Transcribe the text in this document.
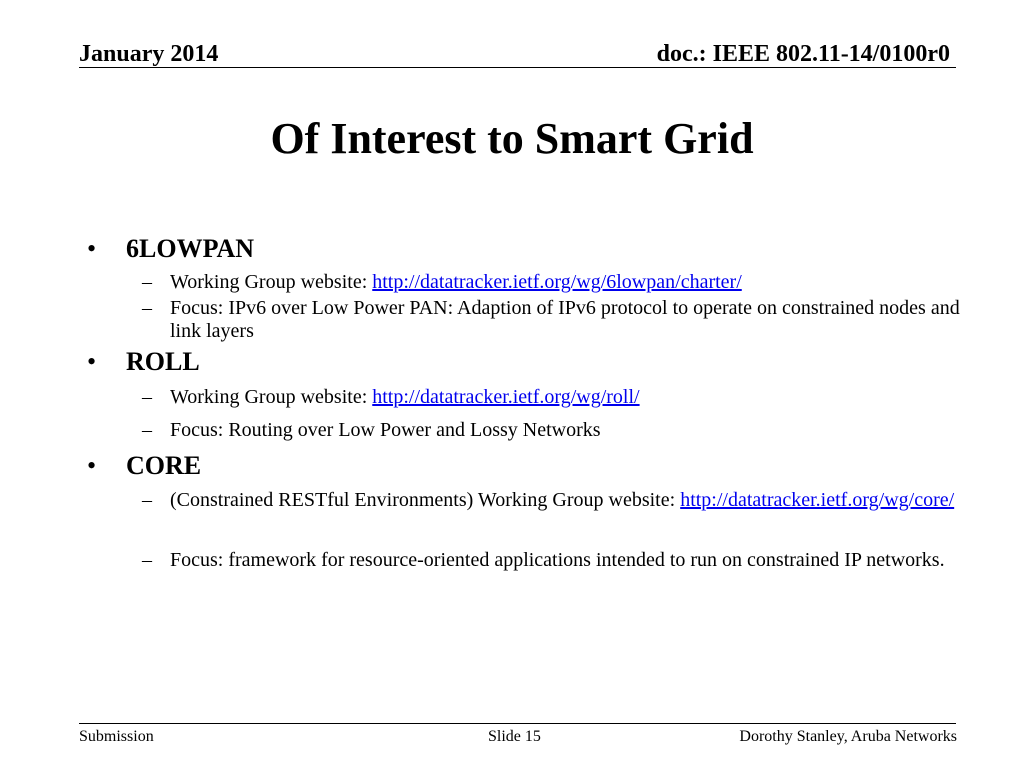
January 2014	doc.: IEEE 802.11-14/0100r0
Of Interest to Smart Grid
• 6LOWPAN
– Working Group website: http://datatracker.ietf.org/wg/6lowpan/charter/
– Focus: IPv6 over Low Power PAN: Adaption of IPv6 protocol to operate on constrained nodes and link layers
• ROLL
– Working Group website: http://datatracker.ietf.org/wg/roll/
– Focus: Routing over Low Power and Lossy Networks
• CORE
– (Constrained RESTful Environments) Working Group website: http://datatracker.ietf.org/wg/core/
– Focus: framework for resource-oriented applications intended to run on constrained IP networks.
Submission	Slide 15	Dorothy Stanley, Aruba Networks
